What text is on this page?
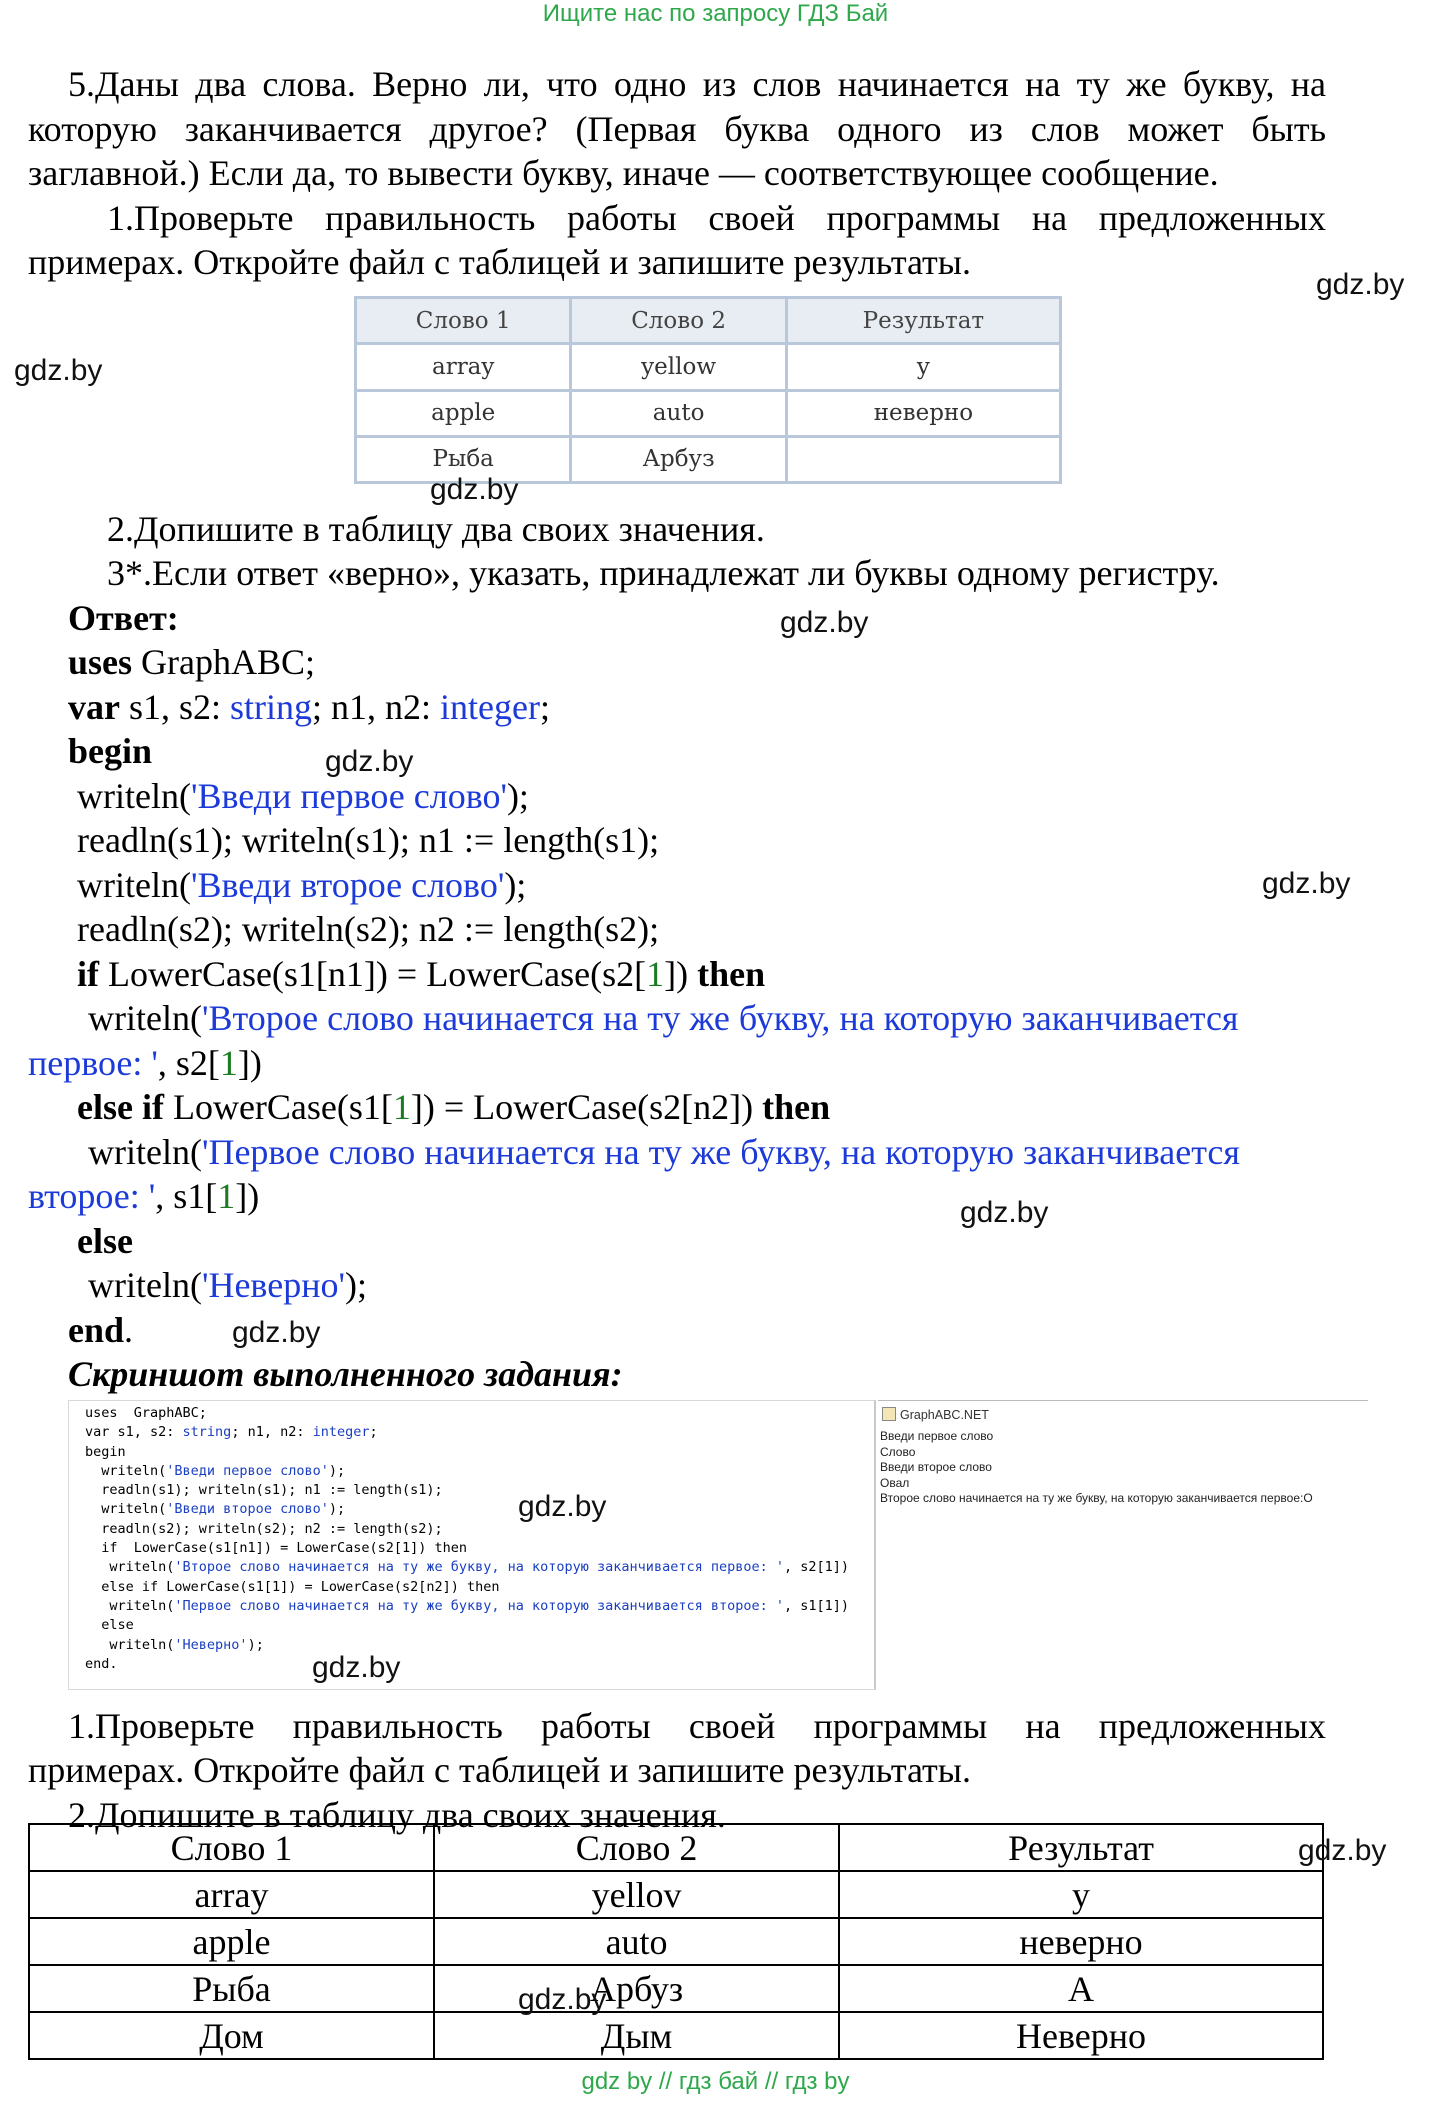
Ищите нас по запросу ГДЗ Бай
5.Даны два слова. Верно ли, что одно из слов начинается на ту же букву, на
которую заканчивается другое? (Первая буква одного из слов может быть
заглавной.) Если да, то вывести букву, иначе — соответствующее сообщение.
1.Проверьте правильность работы своей программы на предложенных
примерах. Откройте файл с таблицей и запишите результаты.
gdz.by
gdz.by
Слово 1	Слово 2	Результат
array	yellow	y
apple	auto	неверно
Рыба	Арбуз	
gdz.by
2.Допишите в таблицу два своих значения.
3*.Если ответ «верно», указать, принадлежат ли буквы одному регистру.
Ответ:	gdz.by
uses GraphABC;
var s1, s2: string; n1, n2: integer;
begin	gdz.by
writeln('Введи первое слово');
readln(s1); writeln(s1); n1 := length(s1);
writeln('Введи второе слово');	gdz.by
readln(s2); writeln(s2); n2 := length(s2);
if LowerCase(s1[n1]) = LowerCase(s2[1]) then
writeln('Второе слово начинается на ту же букву, на которую заканчивается
первое: ', s2[1])
else if LowerCase(s1[1]) = LowerCase(s2[n2]) then
writeln('Первое слово начинается на ту же букву, на которую заканчивается
второе: ', s1[1])	gdz.by
else
writeln('Неверно');
end.	gdz.by
Скриншот выполненного задания:
uses  GraphABC;
var s1, s2: string; n1, n2: integer;
begin
writeln('Введи первое слово');
readln(s1); writeln(s1); n1 := length(s1);
writeln('Введи второе слово');
readln(s2); writeln(s2); n2 := length(s2);
if  LowerCase(s1[n1]) = LowerCase(s2[1]) then
writeln('Второе слово начинается на ту же букву, на которую заканчивается первое: ', s2[1])
else if LowerCase(s1[1]) = LowerCase(s2[n2]) then
writeln('Первое слово начинается на ту же букву, на которую заканчивается второе: ', s1[1])
else
writeln('Неверно');
end.
GraphABC.NET
Введи первое слово
Слово
Введи второе слово
Овал
Второе слово начинается на ту же букву, на которую заканчивается первое:О
gdz.by
gdz.by
1.Проверьте правильность работы своей программы на предложенных
примерах. Откройте файл с таблицей и запишите результаты.
2.Допишите в таблицу два своих значения.
Слово 1	Слово 2	Результат
array	yellov	y
apple	auto	неверно
Рыба	Арбуз	А
Дом	Дым	Неверно
gdz.by
gdz.by
gdz by // гдз бай // гдз by
